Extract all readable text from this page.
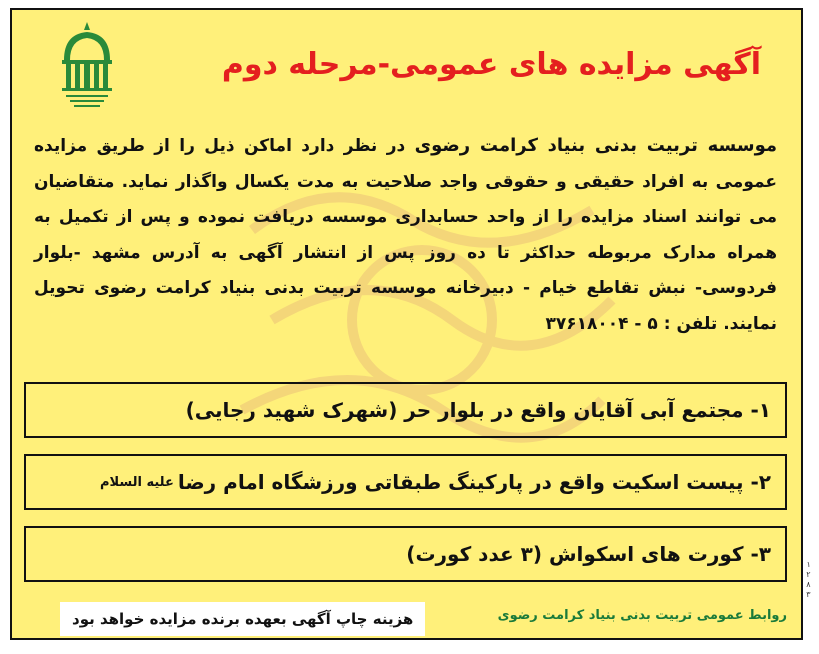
آگهی مزایده های عمومی-مرحله دوم

موسسه تربیت بدنی بنیاد کرامت رضوی در نظر دارد اماکن ذیل را از طریق مزایده عمومی به افراد حقیقی و حقوقی واجد صلاحیت به مدت یکسال واگذار نماید. متقاضیان می توانند اسناد مزایده را از واحد حسابداری موسسه دریافت نموده و پس از تکمیل به همراه مدارک مربوطه حداکثر تا ده روز پس از انتشار آگهی به آدرس مشهد -بلوار فردوسی- نبش تقاطع خیام - دبیرخانه موسسه تربیت بدنی بنیاد کرامت رضوی تحویل نمایند. تلفن : ۵ - ۳۷۶۱۸۰۰۴

۱- مجتمع آبی آقایان واقع در بلوار حر (شهرک شهید رجایی)
۲- پیست اسکیت واقع در پارکینگ طبقاتی ورزشگاه امام رضا
علیه السلام
۳- کورت های اسکواش (۳ عدد کورت)
هزینه چاپ آگهی بعهده برنده مزایده خواهد بود	روابط عمومی تربیت بدنی بنیاد کرامت رضوی
۱
۲
۸
۳
